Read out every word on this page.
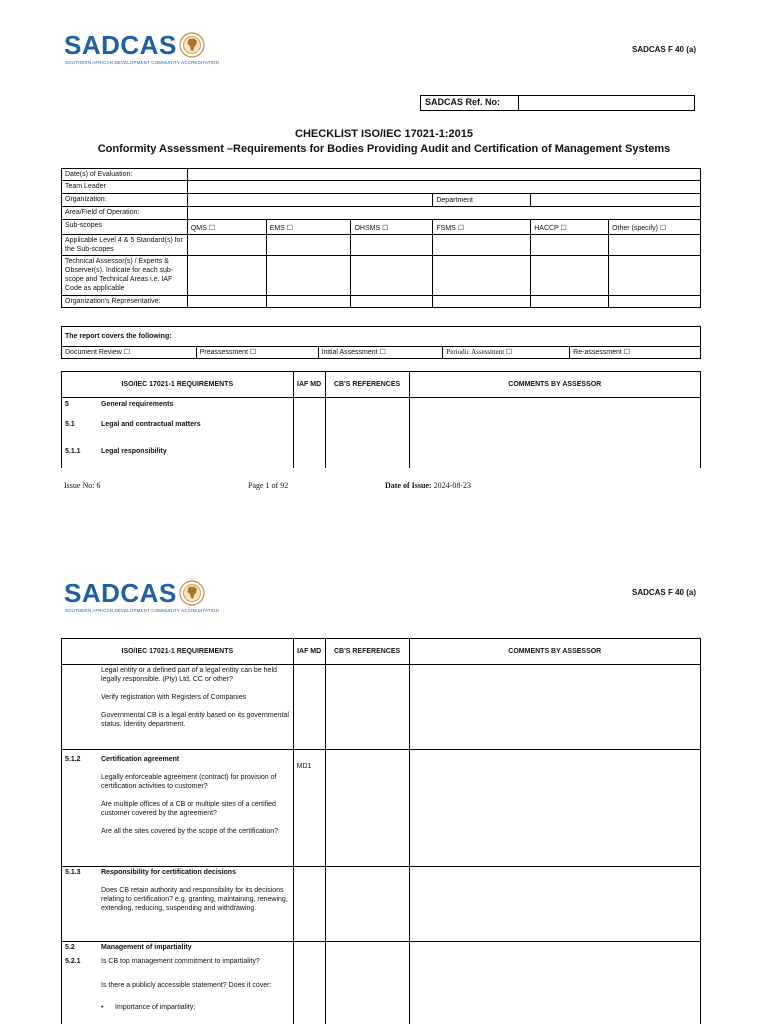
SADCAS
SOUTHERN AFRICAN DEVELOPMENT COMMUNITY ACCREDITATION
SADCAS F 40 (a)
SADCAS Ref. No:
CHECKLIST ISO/IEC 17021-1:2015
Conformity Assessment –Requirements for Bodies Providing Audit and Certification of Management Systems
Date(s) of Evaluation:						
Team Leader						
Organization:				Department		
Area/Field of Operation:						
Sub-scopes	QMS ☐	EMS ☐	OHSMS ☐	FSMS ☐	HACCP ☐	Other (specify) ☐
Applicable Level 4 & 5 Standard(s) for the Sub-scopes						
Technical Assessor(s) / Experts & Observer(s). Indicate for each sub-scope and Technical Areas i.e. IAF Code as applicable						
Organization's Representative:						
The report covers the following:
Document Review ☐	Preassessment ☐	Initial Assessment ☐	Periodic Assessment ☐	Re-assessment ☐
ISO/IEC 17021-1 REQUIREMENTS	IAF MD	CB'S REFERENCES	COMMENTS BY ASSESSOR

5 General requirements
5.1 Legal and contractual matters
5.1.1 Legal responsibility			

Issue No: 6	Page 1 of 92	Date of Issue: 2024-08-23
SADCAS
SOUTHERN AFRICAN DEVELOPMENT COMMUNITY ACCREDITATION
SADCAS F 40 (a)
ISO/IEC 17021-1 REQUIREMENTS	IAF MD	CB'S REFERENCES	COMMENTS BY ASSESSOR

Legal entity or a defined part of a legal entity can be held legally responsible. (Pty) Ltd, CC or other?

Verify registration with Registers of Companies

Governmental CB is a legal entity based on its governmental status. Identity department.			

5.1.2 Certification agreement

Legally enforceable agreement (contract) for provision of certification activities to customer?

Are multiple offices of a CB or multiple sites of a certified customer covered by the agreement?

Are all the sites covered by the scope of the certification?	MD1		

5.1.3 Responsibility for certification decisions

Does CB retain authority and responsibility for its decisions relating to certification? e.g. granting, maintaining, renewing, extending, reducing, suspending and withdrawing.			

5.2 Management of impartiality
5.2.1 Is CB top management commitment to impartiality?

Is there a publicly accessible statement? Does it cover:

• Importance of impartiality;			
